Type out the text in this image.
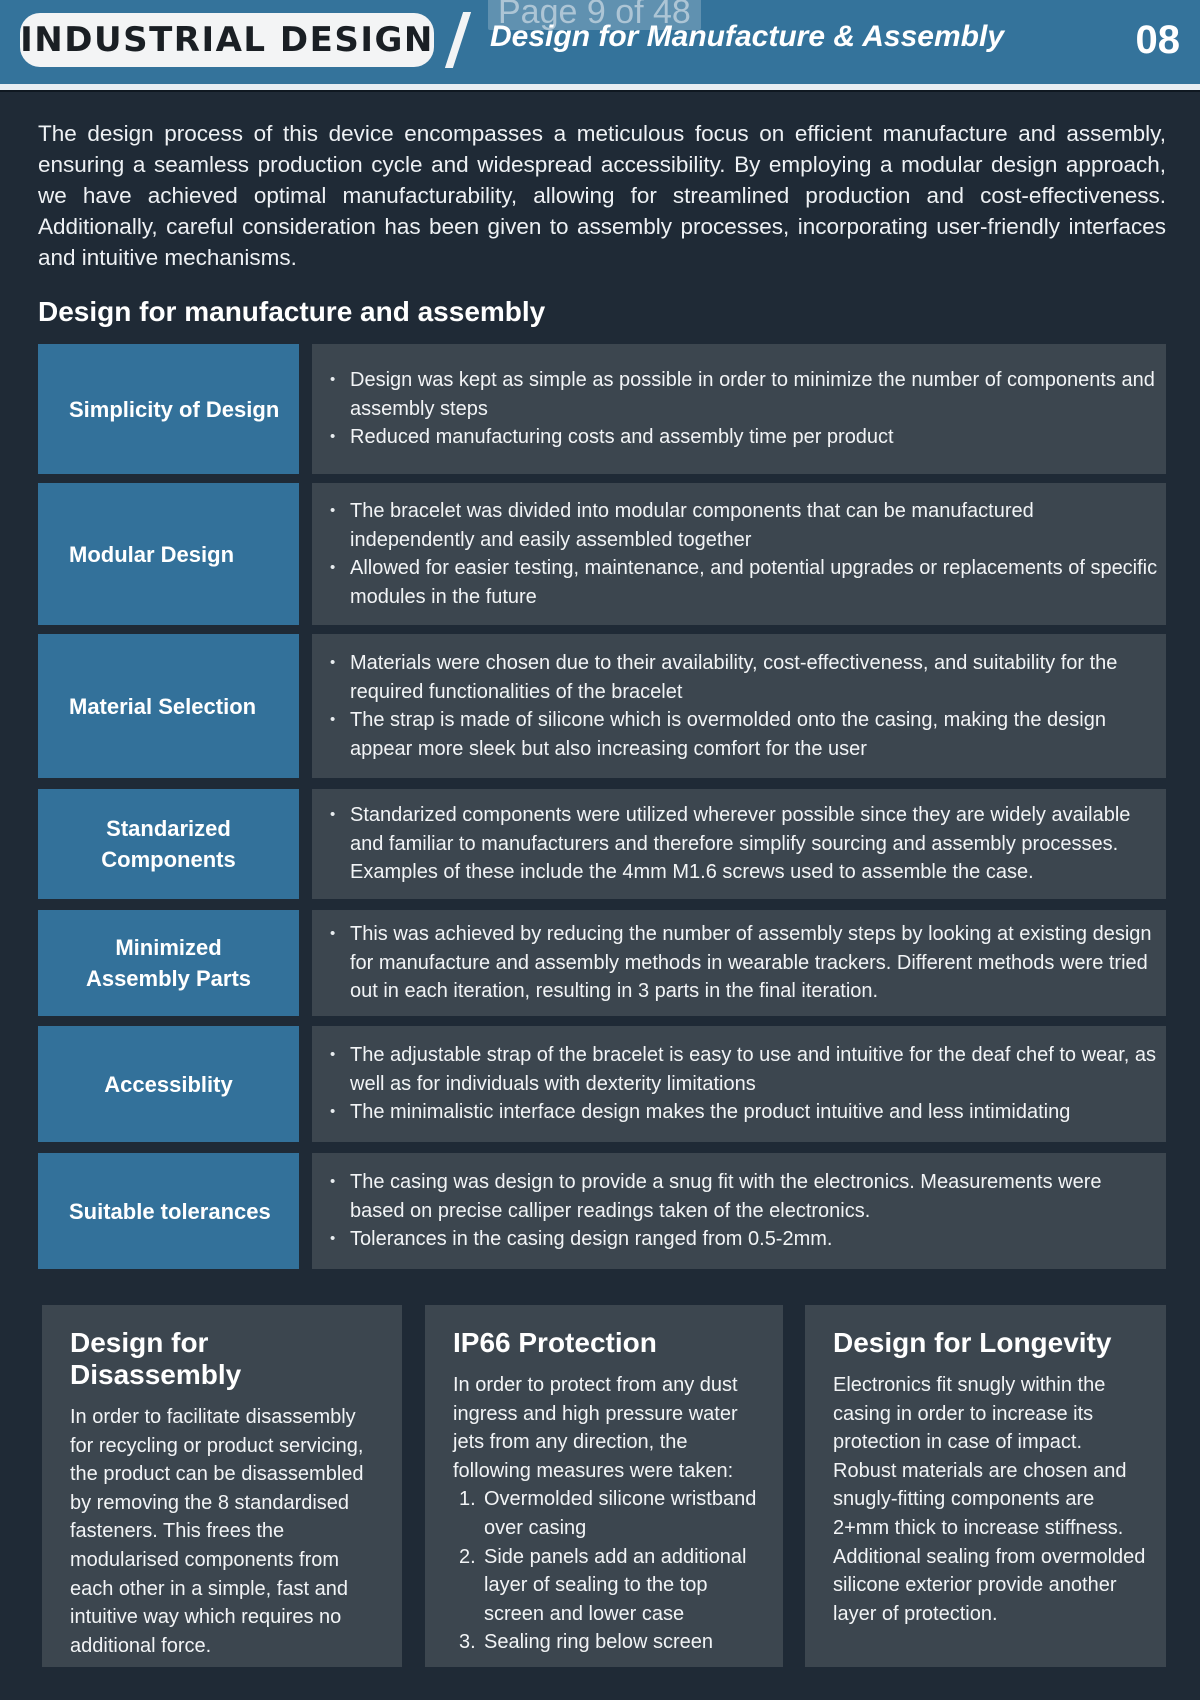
INDUSTRIAL DESIGN
Page 9 of 48
Design for Manufacture & Assembly	08

The design process of this device encompasses a meticulous focus on efficient manufacture and assembly, ensuring a seamless production cycle and widespread accessibility. By employing a modular design approach, we have achieved optimal manufacturability, allowing for streamlined production and cost-effectiveness. Additionally, careful consideration has been given to assembly processes, incorporating user-friendly interfaces and intuitive mechanisms.

Design for manufacture and assembly
Simplicity of Design
• Design was kept as simple as possible in order to minimize the number of components and assembly steps
• Reduced manufacturing costs and assembly time per product
Modular Design
• The bracelet was divided into modular components that can be manufactured independently and easily assembled together
• Allowed for easier testing, maintenance, and potential upgrades or replacements of specific modules in the future
Material Selection
• Materials were chosen due to their availability, cost-effectiveness, and suitability for the required functionalities of the bracelet
• The strap is made of silicone which is overmolded onto the casing, making the design appear more sleek but also increasing comfort for the user
Standarized
Components
• Standarized components were utilized wherever possible since they are widely available and familiar to manufacturers and therefore simplify sourcing and assembly processes. Examples of these include the 4mm M1.6 screws used to assemble the case.
Minimized
Assembly Parts
• This was achieved by reducing the number of assembly steps by looking at existing design for manufacture and assembly methods in wearable trackers. Different methods were tried out in each iteration, resulting in 3 parts in the final iteration.
Accessiblity
• The adjustable strap of the bracelet is easy to use and intuitive for the deaf chef to wear, as well as for individuals with dexterity limitations
• The minimalistic interface design makes the product intuitive and less intimidating
Suitable tolerances
• The casing was design to provide a snug fit with the electronics. Measurements were based on precise calliper readings taken of the electronics.
• Tolerances in the casing design ranged from 0.5-2mm.
Design for Disassembly

In order to facilitate disassembly for recycling or product servicing, the product can be disassembled by removing the 8 standardised fasteners. This frees the modularised components from each other in a simple, fast and intuitive way which requires no additional force.

IP66 Protection

In order to protect from any dust ingress and high pressure water jets from any direction, the following measures were taken:

1. Overmolded silicone wristband over casing
2. Side panels add an additional layer of sealing to the top screen and lower case
3. Sealing ring below screen
Design for Longevity

Electronics fit snugly within the casing in order to increase its protection in case of impact. Robust materials are chosen and snugly-fitting components are 2+mm thick to increase stiffness. Additional sealing from overmolded silicone exterior provide another layer of protection.
